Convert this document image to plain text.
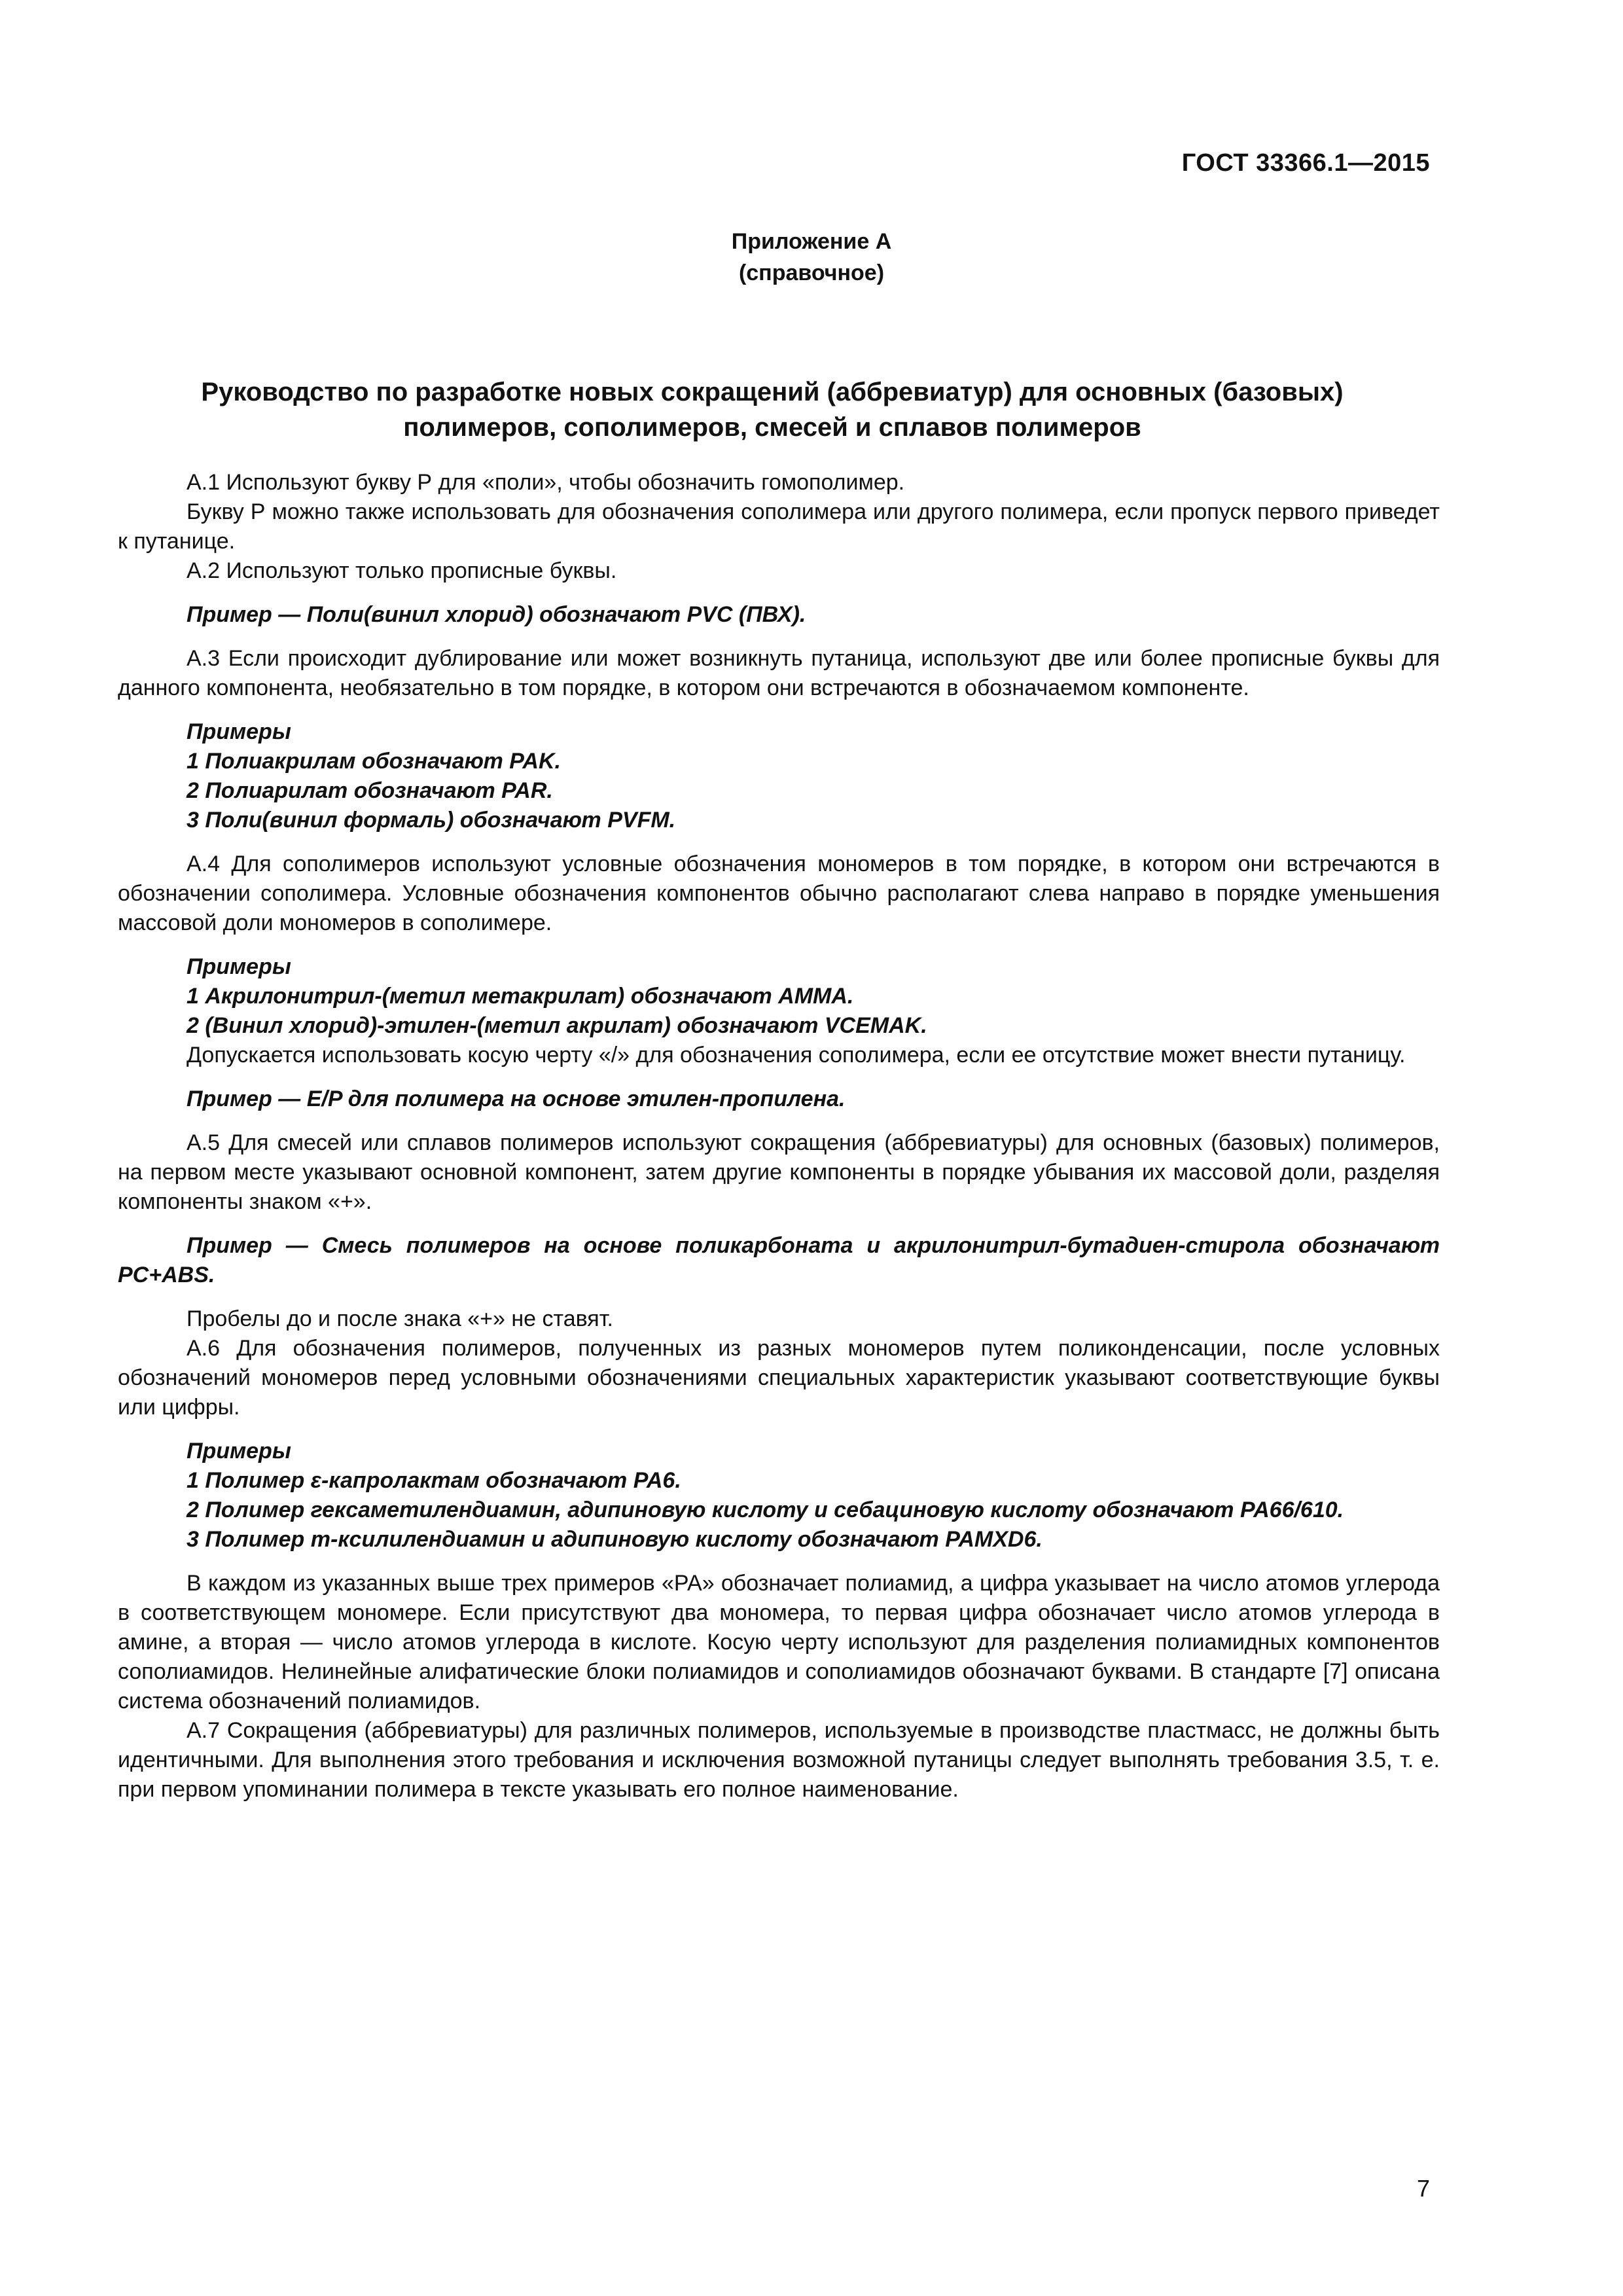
ГОСТ 33366.1—2015
Приложение А
(справочное)
Руководство по разработке новых сокращений (аббревиатур) для основных (базовых)
полимеров, сополимеров, смесей и сплавов полимеров

А.1 Используют букву Р для «поли», чтобы обозначить гомополимер.

Букву Р можно также использовать для обозначения сополимера или другого полимера, если пропуск первого приведет к путанице.

А.2 Используют только прописные буквы.

Пример — Поли(винил хлорид) обозначают PVC (ПВХ).

А.3 Если происходит дублирование или может возникнуть путаница, используют две или более прописные буквы для данного компонента, необязательно в том порядке, в котором они встречаются в обозначаемом компоненте.

Примеры

1 Полиакрилам обозначают PAK.

2 Полиарилат обозначают PAR.

3 Поли(винил формаль) обозначают PVFM.

А.4 Для сополимеров используют условные обозначения мономеров в том порядке, в котором они встречаются в обозначении сополимера. Условные обозначения компонентов обычно располагают слева направо в порядке уменьшения массовой доли мономеров в сополимере.

Примеры

1 Акрилонитрил-(метил метакрилат) обозначают AMMA.

2 (Винил хлорид)-этилен-(метил акрилат) обозначают VCEMAK.

Допускается использовать косую черту «/» для обозначения сополимера, если ее отсутствие может внести путаницу.

Пример — E/P для полимера на основе этилен-пропилена.

А.5 Для смесей или сплавов полимеров используют сокращения (аббревиатуры) для основных (базовых) полимеров, на первом месте указывают основной компонент, затем другие компоненты в порядке убывания их массовой доли, разделяя компоненты знаком «+».

Пример — Смесь полимеров на основе поликарбоната и акрилонитрил-бутадиен-стирола обозначают PC+ABS.

Пробелы до и после знака «+» не ставят.

А.6 Для обозначения полимеров, полученных из разных мономеров путем поликонденсации, после условных обозначений мономеров перед условными обозначениями специальных характеристик указывают соответствующие буквы или цифры.

Примеры

1 Полимер ε-капролактам обозначают PA6.

2 Полимер гексаметилендиамин, адипиновую кислоту и себациновую кислоту обозначают PA66/610.

3 Полимер m-ксилилендиамин и адипиновую кислоту обозначают PAMXD6.

В каждом из указанных выше трех примеров «PA» обозначает полиамид, а цифра указывает на число атомов углерода в соответствующем мономере. Если присутствуют два мономера, то первая цифра обозначает число атомов углерода в амине, а вторая — число атомов углерода в кислоте. Косую черту используют для разделения полиамидных компонентов сополиамидов. Нелинейные алифатические блоки полиамидов и сополиамидов обозначают буквами. В стандарте [7] описана система обозначений полиамидов.

А.7 Сокращения (аббревиатуры) для различных полимеров, используемые в производстве пластмасс, не должны быть идентичными. Для выполнения этого требования и исключения возможной путаницы следует выполнять требования 3.5, т. е. при первом упоминании полимера в тексте указывать его полное наименование.

7
